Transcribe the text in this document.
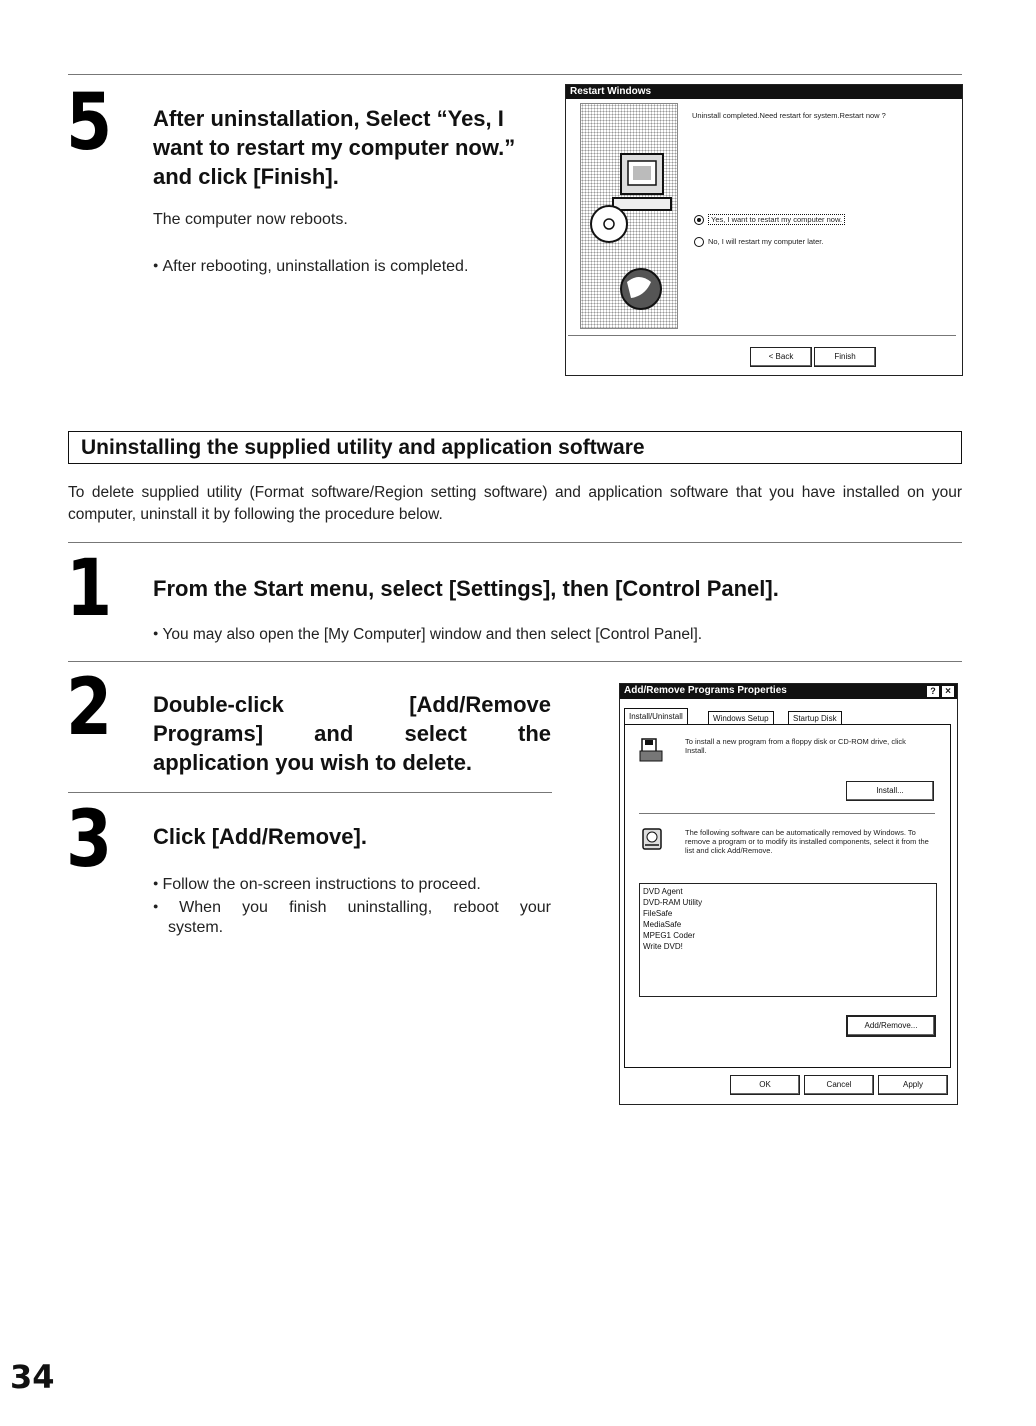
5 After uninstallation, Select “Yes, I want to restart my computer now.” and click [Finish].
The computer now reboots.
● After rebooting, uninstallation is completed.
Restart Windows
Uninstall completed.Need restart for system.Restart now ?
Yes, I want to restart my computer now.
No, I will restart my computer later.
< Back	Finish
Uninstalling the supplied utility and application software
To delete supplied utility (Format software/Region setting software) and application software that you have installed on your computer, uninstall it by following the procedure below.
1 From the Start menu, select [Settings], then [Control Panel].
● You may also open the [My Computer] window and then select [Control Panel].
2 Double-click [Add/Remove
Programs] and select the
application you wish to delete.
3 Click [Add/Remove].
● Follow the on-screen instructions to proceed.
● When you finish uninstalling, reboot your
system.
Add/Remove Programs Properties	? ×
Install/Uninstall	Windows Setup	Startup Disk
To install a new program from a floppy disk or CD-ROM drive, click Install.
Install...
The following software can be automatically removed by Windows. To remove a program or to modify its installed components, select it from the list and click Add/Remove.
DVD Agent
DVD-RAM Utility
FileSafe
MediaSafe
MPEG1 Coder
Write DVD!
Add/Remove...
OK	Cancel	Apply
34
